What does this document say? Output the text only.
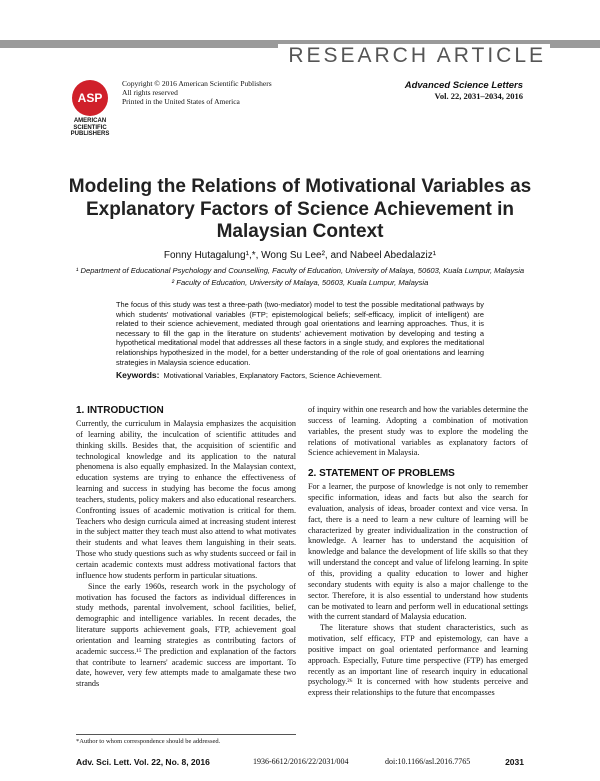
RESEARCH ARTICLE
ASP
AMERICAN
SCIENTIFIC
PUBLISHERS
Copyright © 2016 American Scientific Publishers
All rights reserved
Printed in the United States of America
Advanced Science Letters
Vol. 22, 2031–2034, 2016
Modeling the Relations of Motivational Variables as Explanatory Factors of Science Achievement in Malaysian Context
Fonny Hutagalung¹,*, Wong Su Lee², and Nabeel Abedalaziz¹
¹ Department of Educational Psychology and Counselling, Faculty of Education, University of Malaya, 50603, Kuala Lumpur, Malaysia
² Faculty of Education, University of Malaya, 50603, Kuala Lumpur, Malaysia
The focus of this study was test a three-path (two-mediator) model to test the possible meditational pathways by which students' motivational variables (FTP; epistemological beliefs; self-efficacy, implicit of intelligent) are related to their science achievement, mediated through goal orientations and learning approaches. Thus, it is necessary to fill the gap in the literature on students' achievement motivation by developing and testing a hypothetical meditational model that addresses all these factors in a single study, and explores the meditational relationships hypothesized in the model, for a better understanding of the role of goal orientations and learning strategies in Malaysia science education.
Keywords: Motivational Variables, Explanatory Factors, Science Achievement.
1. INTRODUCTION

Currently, the curriculum in Malaysia emphasizes the acquisition of learning ability, the inculcation of scientific attitudes and thinking skills. Besides that, the acquisition of scientific and technological knowledge and its application to the natural phenomena is also equally emphasized. In the Malaysian context, education systems are trying to enhance the effectiveness of learning and success in studying has become the focus among teachers, students, policy makers and also educational researchers. Confronting issues of academic motivation is critical for them. Teachers who design curricula aimed at increasing student interest in the subject matter they teach must also attend to what motivates their students and what leaves them languishing in their seats. Those who study questions such as why students succeed or fail in certain academic contexts must address motivational factors that influence how students perform in particular situations.

Since the early 1960s, research work in the psychology of motivation has focused the factors as individual differences in study methods, parental involvement, school facilities, belief, demographic and intelligence variables. In recent decades, the literature supports achievement goals, FTP, achievement goal orientation and learning strategies as contributing factors of academic success.¹⁵ The prediction and explanation of the factors that contribute to learners' academic success are important. To date, however, very few attempts made to amalgamate these two strands

of inquiry within one research and how the variables determine the success of learning. Adopting a combination of motivation variables, the present study was to explore the modeling the relations of motivational variables as explanatory factors of Science achievement in Malaysia.

2. STATEMENT OF PROBLEMS

For a learner, the purpose of knowledge is not only to remember specific information, ideas and facts but also the search for evaluation, analysis of ideas, broader context and vice versa. In fact, there is a need to learn a new culture of learning will be characterized by greater individualization in the construction of knowledge. A learner has to understand the acquisition of knowledge and balance the development of life skills so that they will understand the concept and value of lifelong learning. In spite of this, providing a quality education to lower and higher secondary students with equity is also a major challenge to the sector. Therefore, it is also essential to understand how students can be motivated to learn and perform well in educational settings with the current standard of Malaysia education.

The literature shows that student characteristics, such as motivation, self efficacy, FTP and epistemology, can have a positive impact on goal orientated performance and learning approach. Especially, Future time perspective (FTP) has emerged recently as an important line of research inquiry in educational psychology.²⁶ It is concerned with how students perceive and express their relationships to the future that encompasses

*Author to whom correspondence should be addressed.
Adv. Sci. Lett. Vol. 22, No. 8, 2016	1936-6612/2016/22/2031/004	doi:10.1166/asl.2016.7765	2031
